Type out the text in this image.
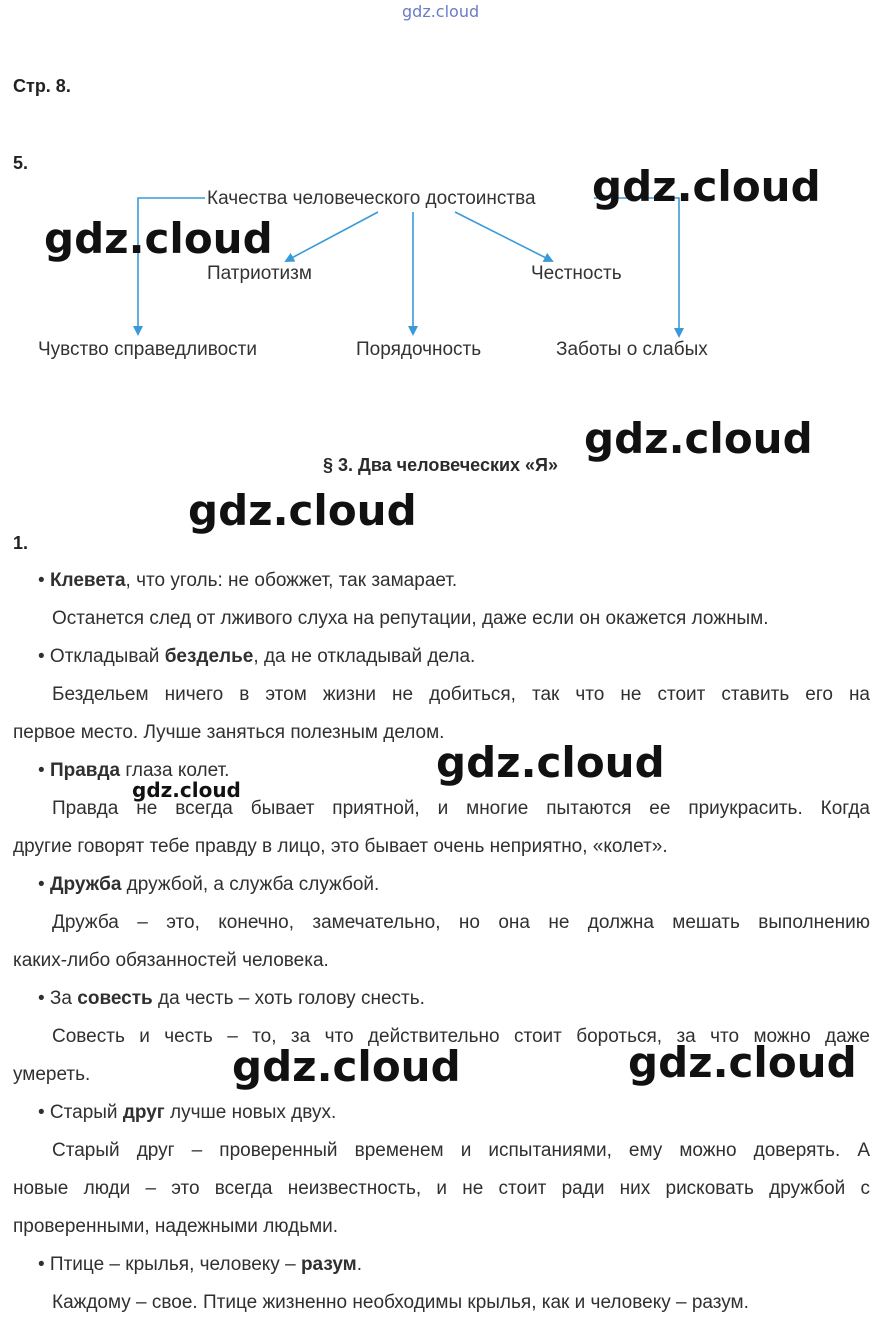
gdz.cloud
Стр. 8.
5.
Качества человеческого достоинства
Патриотизм	Честность
Чувство справедливости	Порядочность	Заботы о слабых
§ 3. Два человеческих «Я»
1.
• Клевета, что уголь: не обожжет, так замарает.
Останется след от лживого слуха на репутации, даже если он окажется ложным.
• Откладывай безделье, да не откладывай дела.
Бездельем ничего в этом жизни не добиться, так что не стоит ставить его на
первое место. Лучше заняться полезным делом.
• Правда глаза колет.
Правда не всегда бывает приятной, и многие пытаются ее приукрасить. Когда
другие говорят тебе правду в лицо, это бывает очень неприятно, «колет».
• Дружба дружбой, а служба службой.
Дружба – это, конечно, замечательно, но она не должна мешать выполнению
каких-либо обязанностей человека.
• За совесть да честь – хоть голову снесть.
Совесть и честь – то, за что действительно стоит бороться, за что можно даже
умереть.
• Старый друг лучше новых двух.
Старый друг – проверенный временем и испытаниями, ему можно доверять. А
новые люди – это всегда неизвестность, и не стоит ради них рисковать дружбой с
проверенными, надежными людьми.
• Птице – крылья, человеку – разум.
Каждому – свое. Птице жизненно необходимы крылья, как и человеку – разум.
gdz.cloud
gdz.cloud
gdz.cloud
gdz.cloud
gdz.cloud
gdz.cloud
gdz.cloud	gdz.cloud
